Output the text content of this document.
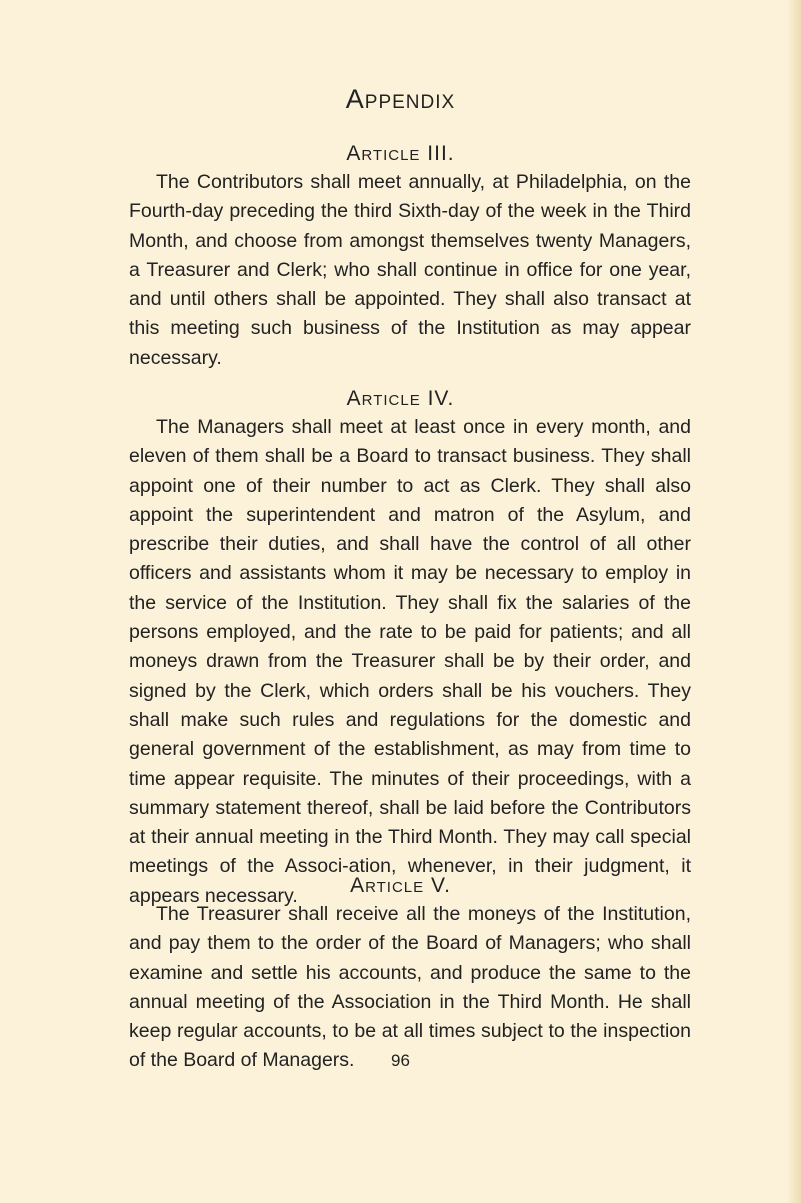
Appendix
Article III.

The Contributors shall meet annually, at Philadelphia, on the Fourth-day preceding the third Sixth-day of the week in the Third Month, and choose from amongst themselves twenty Managers, a Treasurer and Clerk; who shall continue in office for one year, and until others shall be appointed. They shall also transact at this meeting such business of the Institution as may appear necessary.

Article IV.

The Managers shall meet at least once in every month, and eleven of them shall be a Board to transact business. They shall appoint one of their number to act as Clerk. They shall also appoint the superintendent and matron of the Asylum, and prescribe their duties, and shall have the control of all other officers and assistants whom it may be necessary to employ in the service of the Institution. They shall fix the salaries of the persons employed, and the rate to be paid for patients; and all moneys drawn from the Treasurer shall be by their order, and signed by the Clerk, which orders shall be his vouchers. They shall make such rules and regulations for the domestic and general government of the establishment, as may from time to time appear requisite. The minutes of their proceedings, with a summary statement thereof, shall be laid before the Contributors at their annual meeting in the Third Month. They may call special meetings of the Associ-ation, whenever, in their judgment, it appears necessary.	Article V.

The Treasurer shall receive all the moneys of the Institution, and pay them to the order of the Board of Managers; who shall examine and settle his accounts, and produce the same to the annual meeting of the Association in the Third Month. He shall keep regular accounts, to be at all times subject to the inspection of the Board of Managers.	96
